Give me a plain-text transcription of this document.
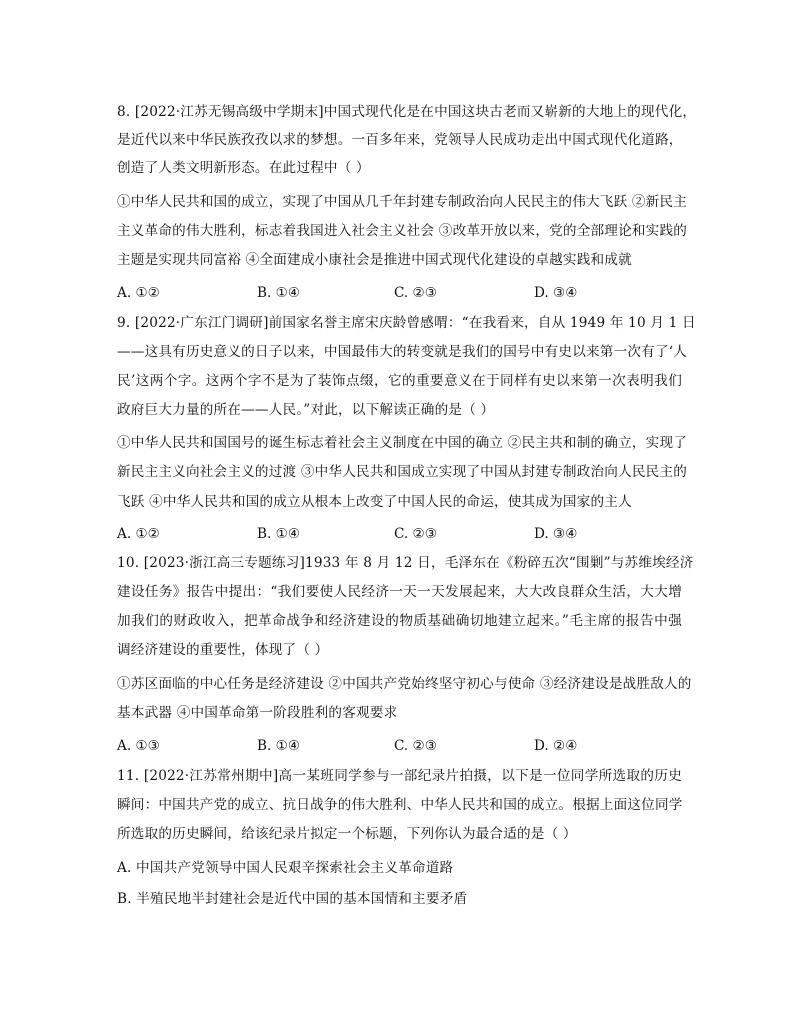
8. [2022·江苏无锡高级中学期末]中国式现代化是在中国这块古老而又崭新的大地上的现代化，
是近代以来中华民族孜孜以求的梦想。一百多年来，党领导人民成功走出中国式现代化道路，
创造了人类文明新形态。在此过程中（ ）
①中华人民共和国的成立，实现了中国从几千年封建专制政治向人民民主的伟大飞跃 ②新民主
主义革命的伟大胜利，标志着我国进入社会主义社会 ③改革开放以来，党的全部理论和实践的
主题是实现共同富裕 ④全面建成小康社会是推进中国式现代化建设的卓越实践和成就
A. ①②	B. ①④	C. ②③	D. ③④
9. [2022·广东江门调研]前国家名誉主席宋庆龄曾感喟：“在我看来，自从 1949 年 10 月 1 日
——这具有历史意义的日子以来，中国最伟大的转变就是我们的国号中有史以来第一次有了‘人
民’这两个字。这两个字不是为了装饰点缀，它的重要意义在于同样有史以来第一次表明我们
政府巨大力量的所在——人民。”对此，以下解读正确的是（ ）
①中华人民共和国国号的诞生标志着社会主义制度在中国的确立 ②民主共和制的确立，实现了
新民主主义向社会主义的过渡 ③中华人民共和国成立实现了中国从封建专制政治向人民民主的
飞跃 ④中华人民共和国的成立从根本上改变了中国人民的命运，使其成为国家的主人
A. ①②	B. ①④	C. ②③	D. ③④
10. [2023·浙江高三专题练习]1933 年 8 月 12 日，毛泽东在《粉碎五次“围剿”与苏维埃经济
建设任务》报告中提出：“我们要使人民经济一天一天发展起来，大大改良群众生活，大大增
加我们的财政收入，把革命战争和经济建设的物质基础确切地建立起来。”毛主席的报告中强
调经济建设的重要性，体现了（ ）
①苏区面临的中心任务是经济建设 ②中国共产党始终坚守初心与使命 ③经济建设是战胜敌人的
基本武器 ④中国革命第一阶段胜利的客观要求
A. ①③	B. ①④	C. ②③	D. ②④
11. [2022·江苏常州期中]高一某班同学参与一部纪录片拍摄，以下是一位同学所选取的历史
瞬间：中国共产党的成立、抗日战争的伟大胜利、中华人民共和国的成立。根据上面这位同学
所选取的历史瞬间，给该纪录片拟定一个标题，下列你认为最合适的是（ ）
A. 中国共产党领导中国人民艰辛探索社会主义革命道路
B. 半殖民地半封建社会是近代中国的基本国情和主要矛盾
